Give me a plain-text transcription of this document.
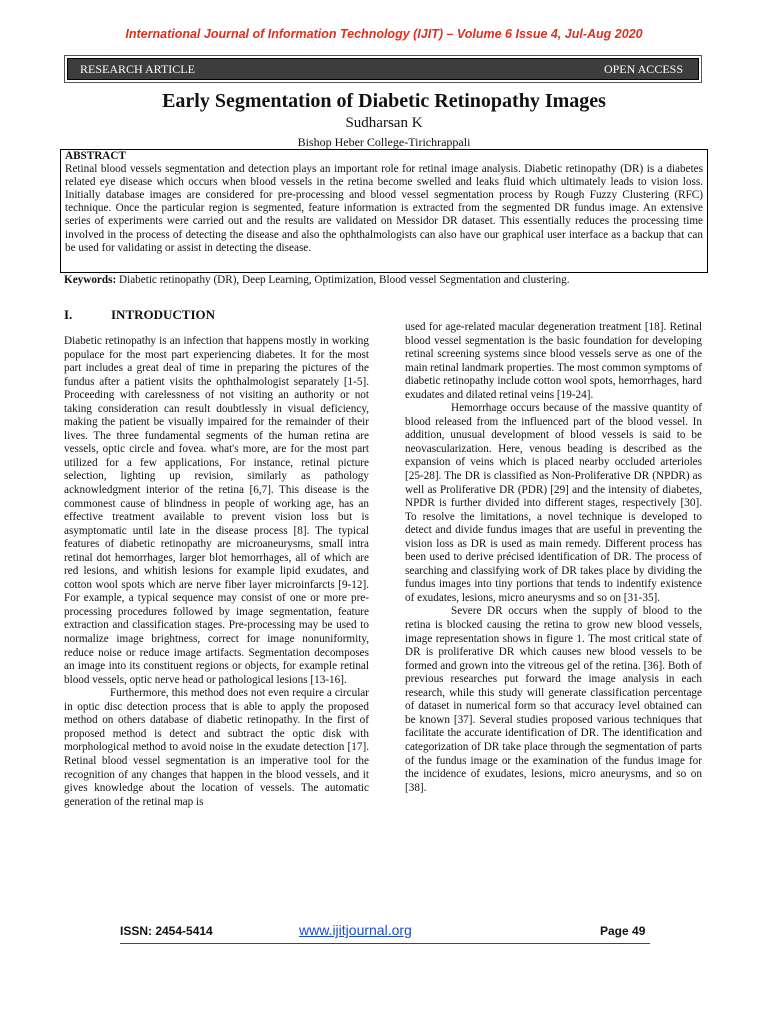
International Journal of Information Technology (IJIT) – Volume 6 Issue 4, Jul-Aug 2020
RESEARCH ARTICLE	OPEN ACCESS
Early Segmentation of Diabetic Retinopathy Images
Sudharsan K
Bishop Heber College-Tirichrappali
ABSTRACT

Retinal blood vessels segmentation and detection plays an important role for retinal image analysis. Diabetic retinopathy (DR) is a diabetes related eye disease which occurs when blood vessels in the retina become swelled and leaks fluid which ultimately leads to vision loss. Initially database images are considered for pre-processing and blood vessel segmentation process by Rough Fuzzy Clustering (RFC) technique. Once the particular region is segmented, feature information is extracted from the segmented DR fundus image. An extensive series of experiments were carried out and the results are validated on Messidor DR dataset. This essentially reduces the processing time involved in the process of detecting the disease and also the ophthalmologists can also have our graphical user interface as a backup that can be used for validating or assist in detecting the disease.

Keywords: Diabetic retinopathy (DR), Deep Learning, Optimization, Blood vessel Segmentation and clustering.
I.	INTRODUCTION

Diabetic retinopathy is an infection that happens mostly in working populace for the most part experiencing diabetes. It for the most part includes a great deal of time in preparing the pictures of the fundus after a patient visits the ophthalmologist separately [1-5]. Proceeding with carelessness of not visiting an authority or not taking consideration can result doubtlessly in visual deficiency, making the patient be visually impaired for the remainder of their lives. The three fundamental segments of the human retina are vessels, optic circle and fovea. what's more, are for the most part utilized for a few applications, For instance, retinal picture selection, lighting up revision, similarly as pathology acknowledgment interior of the retina [6,7]. This disease is the commonest cause of blindness in people of working age, has an effective treatment available to prevent vision loss but is asymptomatic until late in the disease process [8]. The typical features of diabetic retinopathy are microaneurysms, small intra retinal dot hemorrhages, larger blot hemorrhages, all of which are red lesions, and whitish lesions for example lipid exudates, and cotton wool spots which are nerve fiber layer microinfarcts [9-12]. For example, a typical sequence may consist of one or more pre-processing procedures followed by image segmentation, feature extraction and classification stages. Pre-processing may be used to normalize image brightness, correct for image nonuniformity, reduce noise or reduce image artifacts. Segmentation decomposes an image into its constituent regions or objects, for example retinal blood vessels, optic nerve head or pathological lesions [13-16].

Furthermore, this method does not even require a circular in optic disc detection process that is able to apply the proposed method on others database of diabetic retinopathy. In the first of proposed method is detect and subtract the optic disk with morphological method to avoid noise in the exudate detection [17]. Retinal blood vessel segmentation is an imperative tool for the recognition of any changes that happen in the blood vessels, and it gives knowledge about the location of vessels. The automatic generation of the retinal map is

used for age-related macular degeneration treatment [18]. Retinal blood vessel segmentation is the basic foundation for developing retinal screening systems since blood vessels serve as one of the main retinal landmark properties. The most common symptoms of diabetic retinopathy include cotton wool spots, hemorrhages, hard exudates and dilated retinal veins [19-24].

Hemorrhage occurs because of the massive quantity of blood released from the influenced part of the blood vessel. In addition, unusual development of blood vessels is said to be neovascularization. Here, venous beading is described as the expansion of veins which is placed nearby occluded arterioles [25-28]. The DR is classified as Non-Proliferative DR (NPDR) as well as Proliferative DR (PDR) [29] and the intensity of diabetes, NPDR is further divided into different stages, respectively [30]. To resolve the limitations, a novel technique is developed to detect and divide fundus images that are useful in preventing the vision loss as DR is used as main remedy. Different process has been used to derive précised identification of DR. The process of searching and classifying work of DR takes place by dividing the fundus images into tiny portions that tends to indentify existence of exudates, lesions, micro aneurysms and so on [31-35].

Severe DR occurs when the supply of blood to the retina is blocked causing the retina to grow new blood vessels, image representation shows in figure 1. The most critical state of DR is proliferative DR which causes new blood vessels to be formed and grown into the vitreous gel of the retina. [36]. Both of previous researches put forward the image analysis in each research, while this study will generate classification percentage of dataset in numerical form so that accuracy level obtained can be known [37]. Several studies proposed various techniques that facilitate the accurate identification of DR. The identification and categorization of DR take place through the segmentation of parts of the fundus image or the examination of the fundus image for the incidence of exudates, lesions, micro aneurysms, and so on [38].

ISSN: 2454-5414	www.ijitjournal.org	Page 49
